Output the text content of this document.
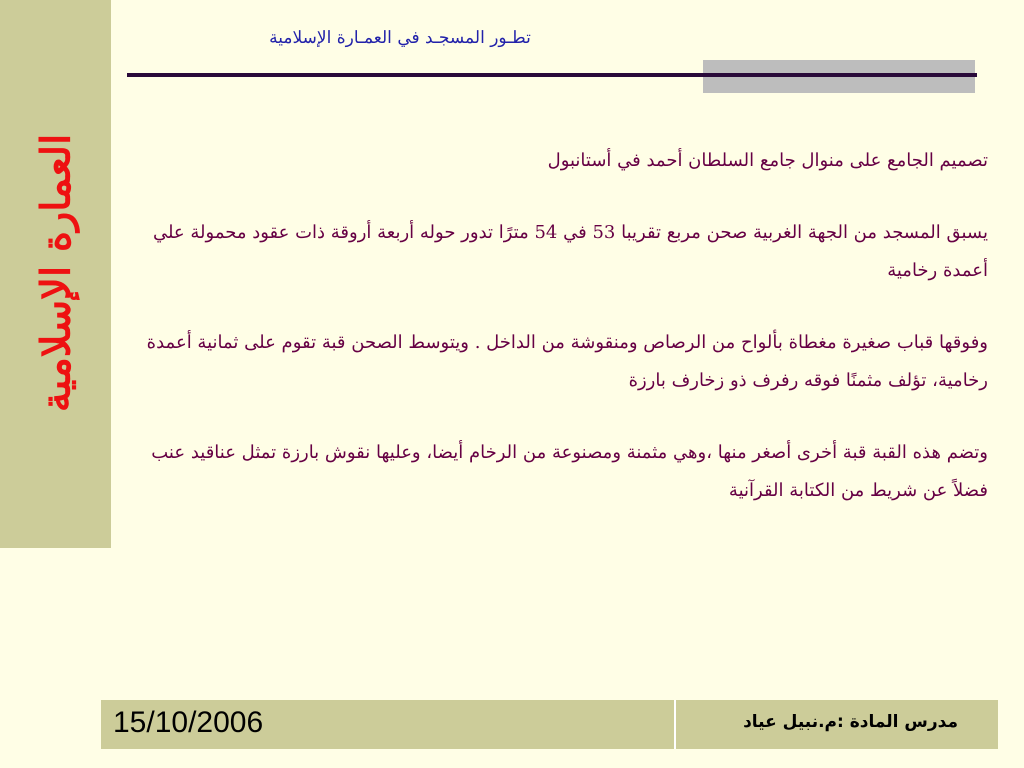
العمارة الإسلامية
تطـور المسجـد في العمـارة الإسلامية

تصميم الجامع على منوال جامع السلطان أحمد في أستانبول

يسبق المسجد من الجهة الغربية صحن مربع تقريبا 53 في 54 مترًا تدور حوله أربعة أروقة ذات عقود محمولة علي أعمدة رخامية

وفوقها قباب صغيرة مغطاة بألواح من الرصاص ومنقوشة من الداخل . ويتوسط الصحن قبة تقوم على ثمانية أعمدة رخامية، تؤلف مثمنًا فوقه رفرف ذو زخارف بارزة

وتضم هذه القبة قبة أخرى أصغر منها ،وهي مثمنة ومصنوعة من الرخام أيضا، وعليها نقوش بارزة تمثل عناقيد عنب فضلاً عن شريط من الكتابة القرآنية

15/10/2006	مدرس المادة :م.نبيل عياد
